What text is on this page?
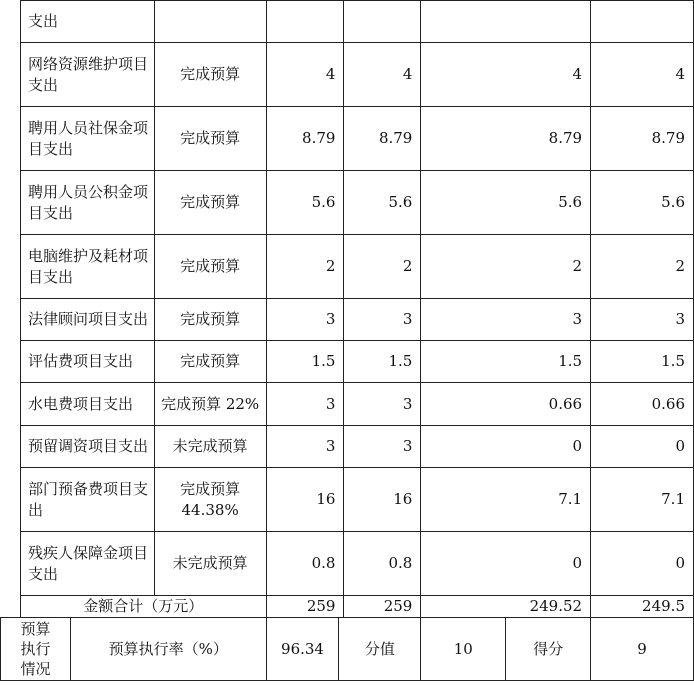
	支出								
	网络资源维护项目支出		完成预算	4		4	4		4
	聘用人员社保金项目支出		完成预算	8.79		8.79	8.79		8.79
	聘用人员公积金项目支出		完成预算	5.6		5.6	5.6		5.6
	电脑维护及耗材项目支出		完成预算	2		2	2		2
	法律顾问项目支出		完成预算	3		3	3		3
	评估费项目支出		完成预算	1.5		1.5	1.5		1.5
	水电费项目支出		完成预算 22%	3		3	0.66		0.66
	预留调资项目支出		未完成预算	3		3	0		0
	部门预备费项目支出		完成预算 44.38%	16		16	7.1		7.1
	残疾人保障金项目支出		未完成预算	0.8		0.8	0		0
	金额合计（万元）			259		259	249.52		249.5

预算执行情况		预算执行率（%）		96.34	分值		10	得分	9
